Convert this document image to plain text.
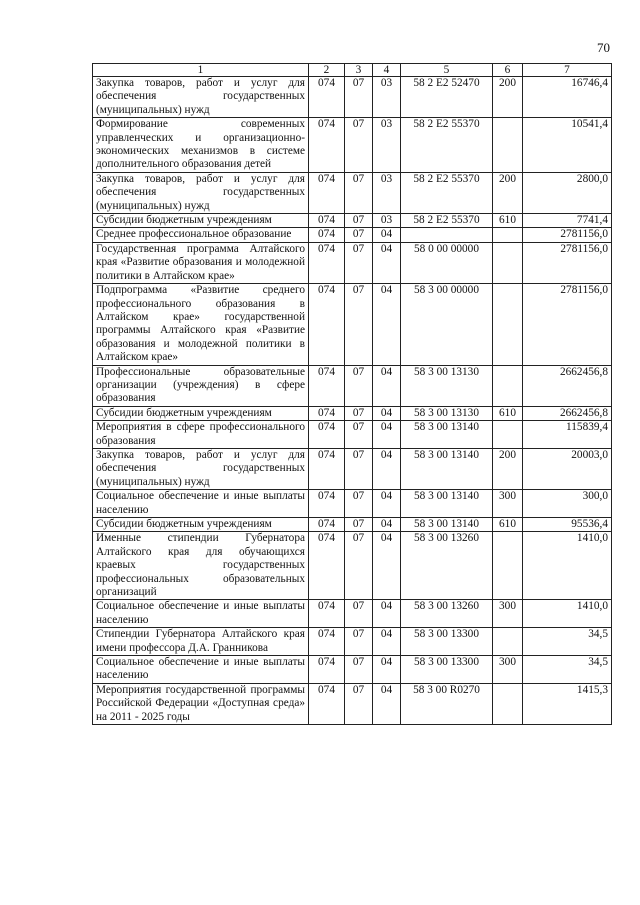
70
1	2	3	4	5	6	7
Закупка товаров, работ и услуг для обеспечения государственных (муниципальных) нужд	074	07	03	58 2 E2 52470	200	16746,4
Формирование современных управленческих и организационно-экономических механизмов в системе дополнительного образования детей	074	07	03	58 2 E2 55370		10541,4
Закупка товаров, работ и услуг для обеспечения государственных (муниципальных) нужд	074	07	03	58 2 E2 55370	200	2800,0
Субсидии бюджетным учреждениям	074	07	03	58 2 E2 55370	610	7741,4
Среднее профессиональное образование	074	07	04			2781156,0
Государственная программа Алтайского края «Развитие образования и молодежной политики в Алтайском крае»	074	07	04	58 0 00 00000		2781156,0
Подпрограмма «Развитие среднего профессионального образования в Алтайском крае» государственной программы Алтайского края «Развитие образования и молодежной политики в Алтайском крае»	074	07	04	58 3 00 00000		2781156,0
Профессиональные образовательные организации (учреждения) в сфере образования	074	07	04	58 3 00 13130		2662456,8
Субсидии бюджетным учреждениям	074	07	04	58 3 00 13130	610	2662456,8
Мероприятия в сфере профессионального образования	074	07	04	58 3 00 13140		115839,4
Закупка товаров, работ и услуг для обеспечения государственных (муниципальных) нужд	074	07	04	58 3 00 13140	200	20003,0
Социальное обеспечение и иные выплаты населению	074	07	04	58 3 00 13140	300	300,0
Субсидии бюджетным учреждениям	074	07	04	58 3 00 13140	610	95536,4
Именные стипендии Губернатора Алтайского края для обучающихся краевых государственных профессиональных образовательных организаций	074	07	04	58 3 00 13260		1410,0
Социальное обеспечение и иные выплаты населению	074	07	04	58 3 00 13260	300	1410,0
Стипендии Губернатора Алтайского края имени профессора Д.А. Гранникова	074	07	04	58 3 00 13300		34,5
Социальное обеспечение и иные выплаты населению	074	07	04	58 3 00 13300	300	34,5
Мероприятия государственной программы Российской Федерации «Доступная среда» на 2011 - 2025 годы	074	07	04	58 3 00 R0270		1415,3
